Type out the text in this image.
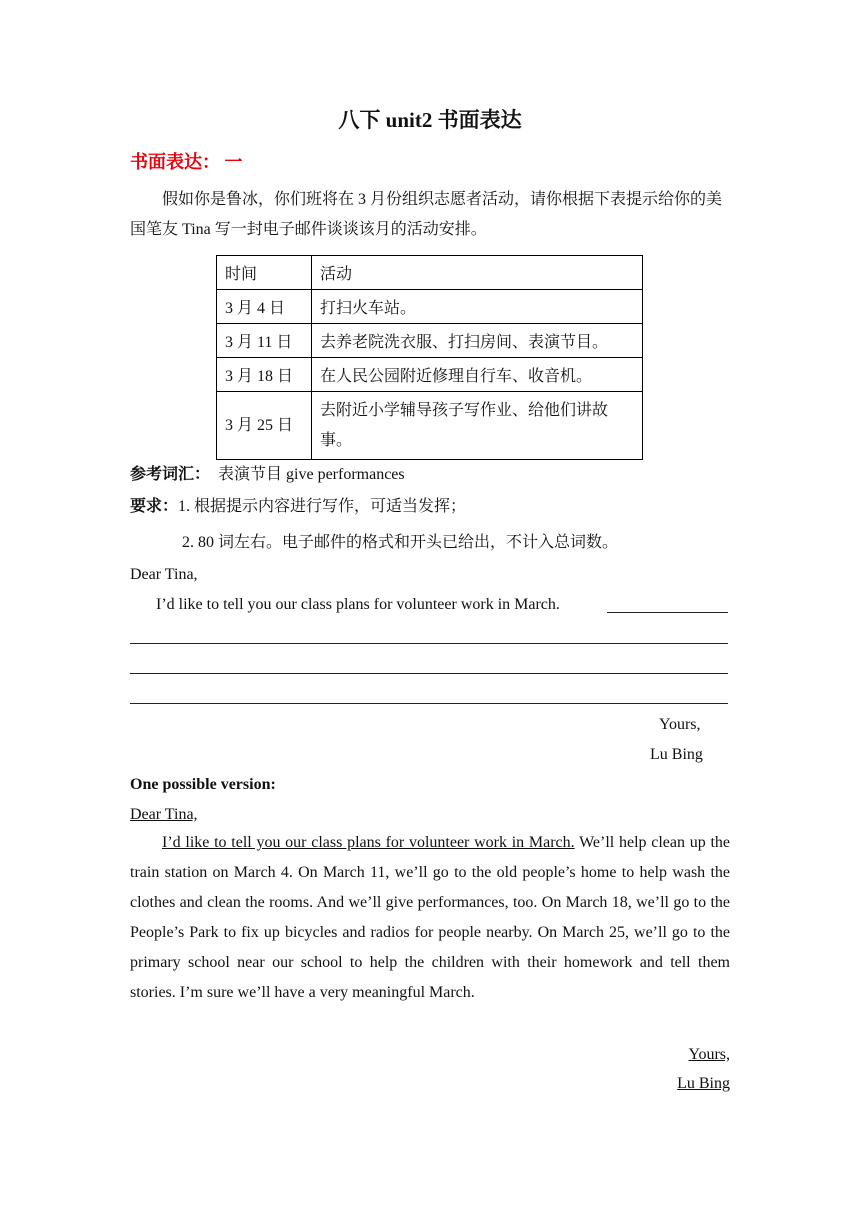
八下 unit2 书面表达
书面表达： 一
假如你是鲁冰，你们班将在 3 月份组织志愿者活动，请你根据下表提示给你的美国笔友 Tina 写一封电子邮件谈谈该月的活动安排。
时间	活动
3 月 4 日	打扫火车站。
3 月 11 日	去养老院洗衣服、打扫房间、表演节目。
3 月 18 日	在人民公园附近修理自行车、收音机。
3 月 25 日	去附近小学辅导孩子写作业、给他们讲故事。
参考词汇： 表演节目 give performances
要求：1. 根据提示内容进行写作，可适当发挥；
2. 80 词左右。电子邮件的格式和开头已给出，不计入总词数。
Dear Tina,
I’d like to tell you our class plans for volunteer work in March.
Yours,
Lu Bing
One possible version:
Dear Tina,
I’d like to tell you our class plans for volunteer work in March. We’ll help clean up the train station on March 4. On March 11, we’ll go to the old people’s home to help wash the clothes and clean the rooms. And we’ll give performances, too. On March 18, we’ll go to the People’s Park to fix up bicycles and radios for people nearby. On March 25, we’ll go to the primary school near our school to help the children with their homework and tell them stories. I’m sure we’ll have a very meaningful March.
Yours,
Lu Bing
